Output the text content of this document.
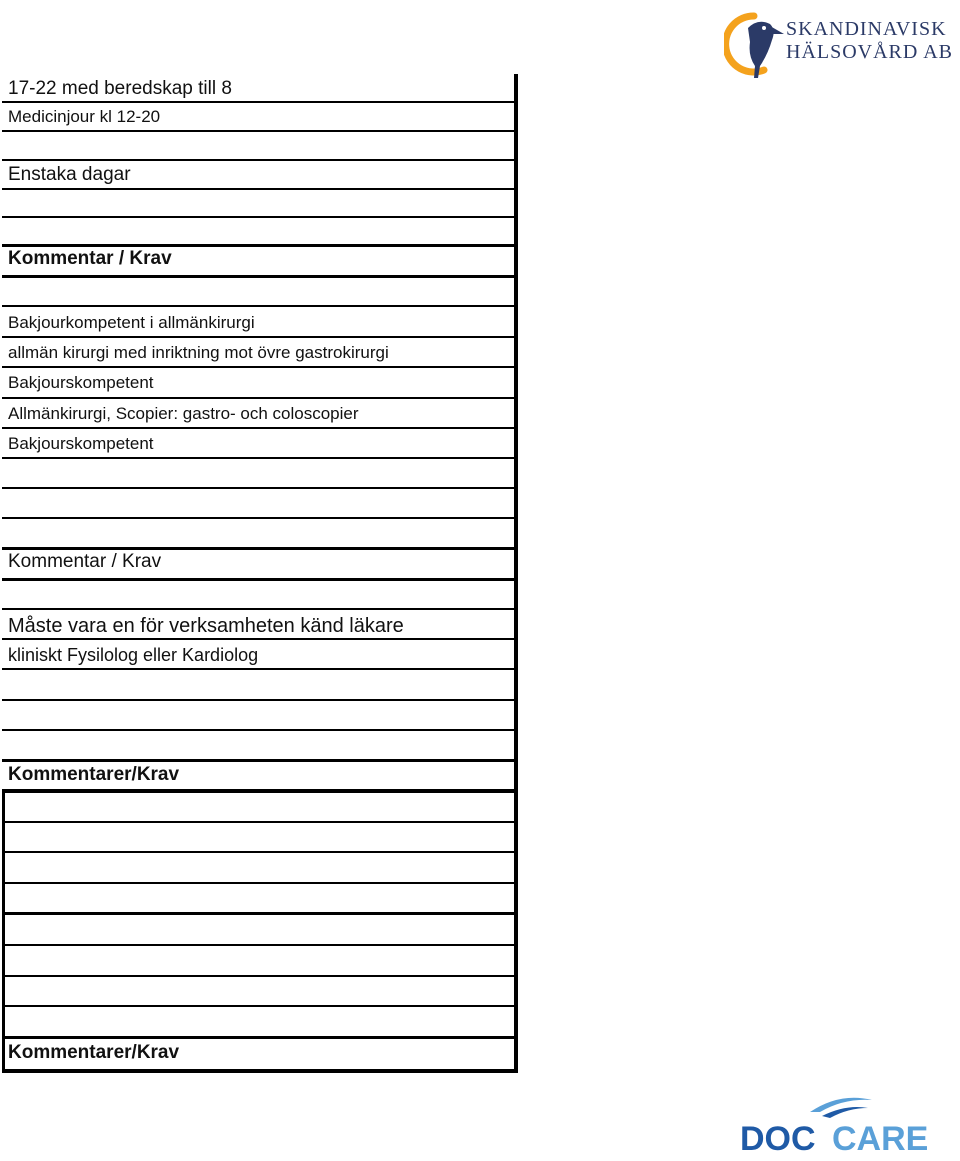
17-22 med beredskap till 8
Medicinjour kl 12-20
Enstaka dagar
Kommentar / Krav
Bakjourkompetent i allmänkirurgi
allmän kirurgi med inriktning mot övre gastrokirurgi
Bakjourskompetent
Allmänkirurgi, Scopier: gastro- och coloscopier
Bakjourskompetent
Kommentar / Krav
Måste vara en för verksamheten känd läkare
kliniskt Fysilolog eller Kardiolog
Kommentarer/Krav
Kommentarer/Krav
SKANDINAVISK
HÄLSOVÅRD AB
DOC CARE
